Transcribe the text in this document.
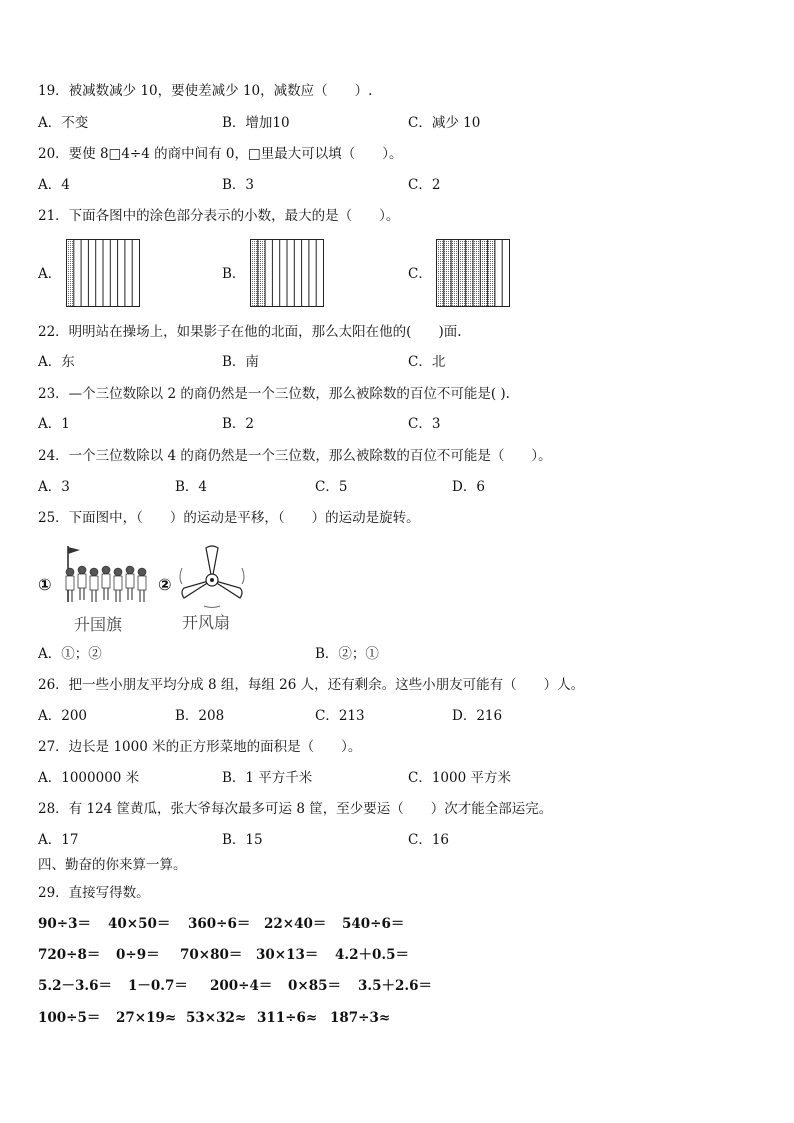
19．被减数减少 10，要使差减少 10，减数应（　　）.
A．不变	B．增加10	C．减少 10
20．要使 8□4÷4 的商中间有 0，□里最大可以填（　　）。
A．4	B．3	C．2
21．下面各图中的涂色部分表示的小数，最大的是（　　）。
A．	B．	C．
22．明明站在操场上，如果影子在他的北面，那么太阳在他的(　　)面.
A．东	B．南	C．北
23．—个三位数除以 2 的商仍然是一个三位数，那么被除数的百位不可能是( ).
A．1	B．2	C．3
24．一个三位数除以 4 的商仍然是一个三位数，那么被除数的百位不可能是（　　）。
A．3	B．4	C．5	D．6
25．下面图中，（　　）的运动是平移，（　　）的运动是旋转。
①
升国旗
②
开风扇
A．①；②	B．②；①
26．把一些小朋友平均分成 8 组，每组 26 人，还有剩余。这些小朋友可能有（　　）人。
A．200	B．208	C．213	D．216
27．边长是 1000 米的正方形菜地的面积是（　　）。
A．1000000 米	B．1 平方千米	C．1000 平方米
28．有 124 筐黄瓜，张大爷每次最多可运 8 筐，至少要运（　　）次才能全部运完。
A．17	B．15	C．16
四、勤奋的你来算一算。
29．直接写得数。
90÷3＝ 40×50＝ 360÷6＝ 22×40＝ 540÷6＝
720÷8＝ 0÷9＝ 70×80＝ 30×13＝ 4.2＋0.5＝
5.2－3.6＝ 1－0.7＝ 200÷4＝ 0×85＝ 3.5＋2.6＝
100÷5＝ 27×19≈ 53×32≈ 311÷6≈ 187÷3≈
